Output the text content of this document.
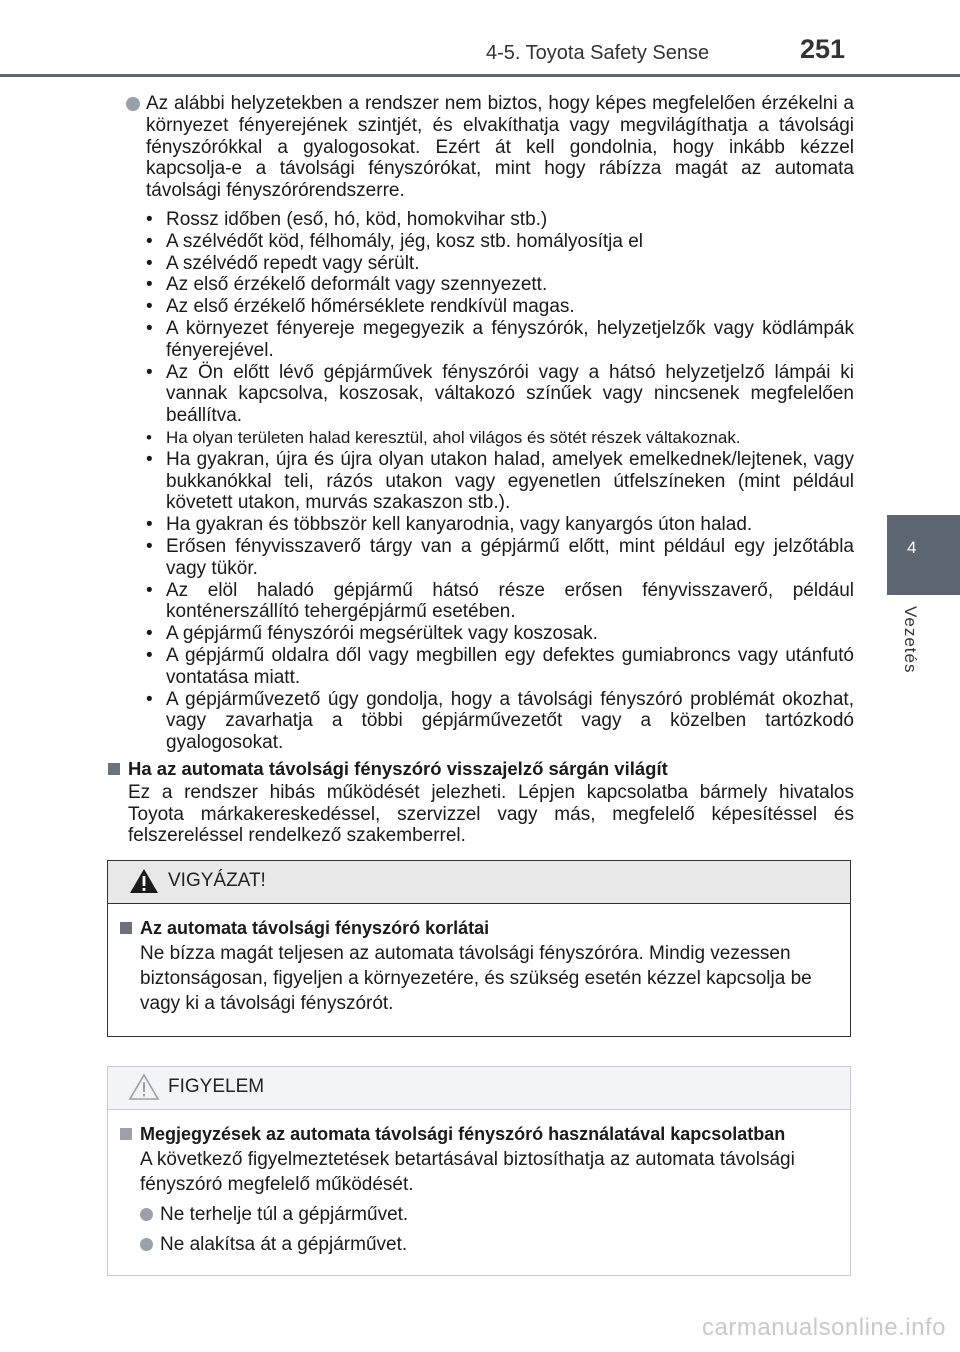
4-5. Toyota Safety Sense	251
4
Vezetés
Az alábbi helyzetekben a rendszer nem biztos, hogy képes megfelelően érzékelni a környezet fényerejének szintjét, és elvakíthatja vagy megvilágíthatja a távolsági fényszórókkal a gyalogosokat. Ezért át kell gondolnia, hogy inkább kézzel kapcsolja-e a távolsági fényszórókat, mint hogy rábízza magát az automata távolsági fényszórórendszerre.
• Rossz időben (eső, hó, köd, homokvihar stb.)
• A szélvédőt köd, félhomály, jég, kosz stb. homályosítja el
• A szélvédő repedt vagy sérült.
• Az első érzékelő deformált vagy szennyezett.
• Az első érzékelő hőmérséklete rendkívül magas.
• A környezet fényereje megegyezik a fényszórók, helyzetjelzők vagy ködlámpák fényerejével.
• Az Ön előtt lévő gépjárművek fényszórói vagy a hátsó helyzetjelző lámpái ki vannak kapcsolva, koszosak, váltakozó színűek vagy nincsenek megfelelően beállítva.
• Ha olyan területen halad keresztül, ahol világos és sötét részek váltakoznak.
• Ha gyakran, újra és újra olyan utakon halad, amelyek emelkednek/lejtenek, vagy bukkanókkal teli, rázós utakon vagy egyenetlen útfelszíneken (mint például követett utakon, murvás szakaszon stb.).
• Ha gyakran és többször kell kanyarodnia, vagy kanyargós úton halad.
• Erősen fényvisszaverő tárgy van a gépjármű előtt, mint például egy jelzőtábla vagy tükör.
• Az elöl haladó gépjármű hátsó része erősen fényvisszaverő, például konténerszállító tehergépjármű esetében.
• A gépjármű fényszórói megsérültek vagy koszosak.
• A gépjármű oldalra dől vagy megbillen egy defektes gumiabroncs vagy utánfutó vontatása miatt.
• A gépjárművezető úgy gondolja, hogy a távolsági fényszóró problémát okozhat, vagy zavarhatja a többi gépjárművezetőt vagy a közelben tartózkodó gyalogosokat.
Ha az automata távolsági fényszóró visszajelző sárgán világít
Ez a rendszer hibás működését jelezheti. Lépjen kapcsolatba bármely hivatalos Toyota márkakereskedéssel, szervizzel vagy más, megfelelő képesítéssel és felszereléssel rendelkező szakemberrel.
VIGYÁZAT!
Az automata távolsági fényszóró korlátai
Ne bízza magát teljesen az automata távolsági fényszóróra. Mindig vezessen biztonságosan, figyeljen a környezetére, és szükség esetén kézzel kapcsolja be vagy ki a távolsági fényszórót.
FIGYELEM
Megjegyzések az automata távolsági fényszóró használatával kapcsolatban
A következő figyelmeztetések betartásával biztosíthatja az automata távolsági fényszóró megfelelő működését.
Ne terhelje túl a gépjárművet.
Ne alakítsa át a gépjárművet.
carmanualsonline.info
